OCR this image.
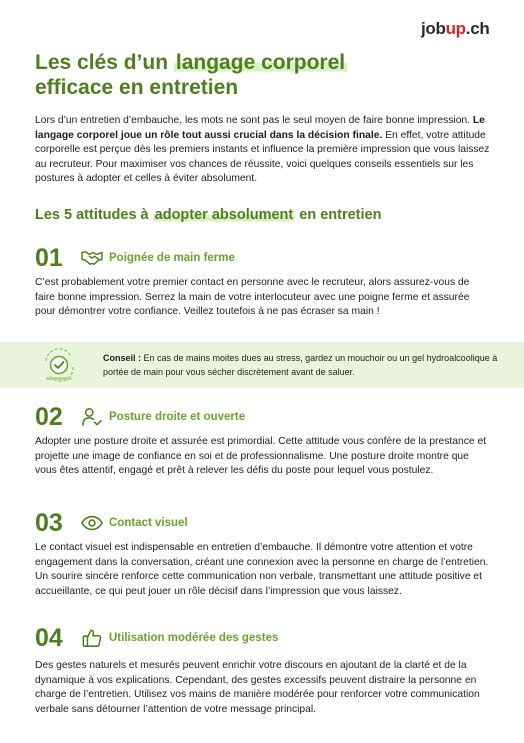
jobup.ch
Les clés d’un langage corporel
efficace en entretien

Lors d’un entretien d’embauche, les mots ne sont pas le seul moyen de faire bonne impression. Le langage corporel joue un rôle tout aussi crucial dans la décision finale. En effet, votre attitude corporelle est perçue dès les premiers instants et influence la première impression que vous laissez au recruteur. Pour maximiser vos chances de réussite, voici quelques conseils essentiels sur les postures à adopter et celles à éviter absolument.

Les 5 attitudes à adopter absolument en entretien
01	Poignée de main ferme

C’est probablement votre premier contact en personne avec le recruteur, alors assurez-vous de faire bonne impression. Serrez la main de votre interlocuteur avec une poigne ferme et assurée pour démontrer votre confiance. Veillez toutefois à ne pas écraser sa main !

Conseil : En cas de mains moites dues au stress, gardez un mouchoir ou un gel hydroalcoolique à portée de main pour vous sécher discrètement avant de saluer.

02	Posture droite et ouverte

Adopter une posture droite et assurée est primordial. Cette attitude vous confère de la prestance et projette une image de confiance en soi et de professionnalisme. Une posture droite montre que vous êtes attentif, engagé et prêt à relever les défis du poste pour lequel vous postulez.

03	Contact visuel

Le contact visuel est indispensable en entretien d’embauche. Il démontre votre attention et votre engagement dans la conversation, créant une connexion avec la personne en charge de l’entretien. Un sourire sincère renforce cette communication non verbale, transmettant une attitude positive et accueillante, ce qui peut jouer un rôle décisif dans l’impression que vous laissez.

04	Utilisation modérée des gestes

Des gestes naturels et mesurés peuvent enrichir votre discours en ajoutant de la clarté et de la dynamique à vos explications. Cependant, des gestes excessifs peuvent distraire la personne en charge de l’entretien. Utilisez vos mains de manière modérée pour renforcer votre communication verbale sans détourner l’attention de votre message principal.
